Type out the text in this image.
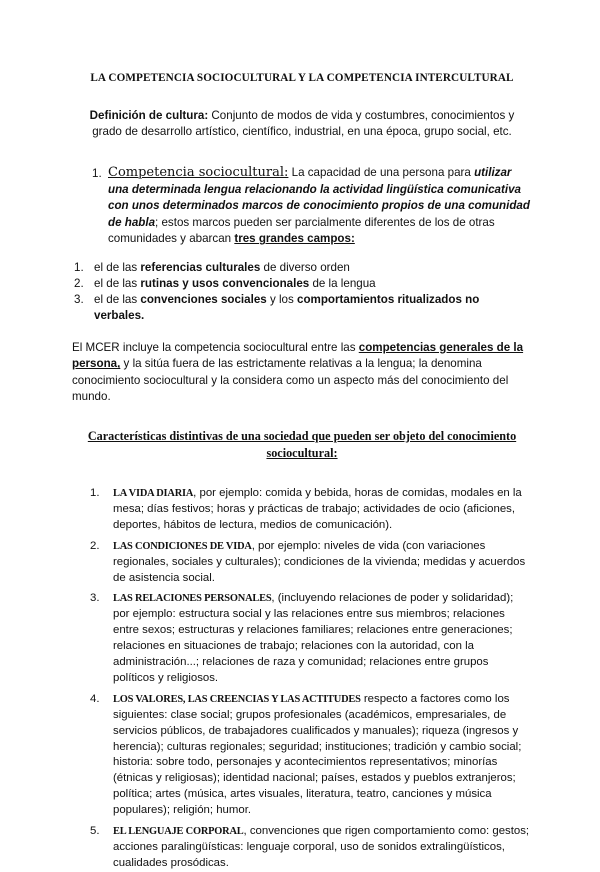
LA COMPETENCIA SOCIOCULTURAL Y LA COMPETENCIA INTERCULTURAL
Definición de cultura: Conjunto de modos de vida y costumbres, conocimientos y grado de desarrollo artístico, científico, industrial, en una época, grupo social, etc.
1. Competencia sociocultural: La capacidad de una persona para utilizar una determinada lengua relacionando la actividad lingüística comunicativa con unos determinados marcos de conocimiento propios de una comunidad de habla; estos marcos pueden ser parcialmente diferentes de los de otras comunidades y abarcan tres grandes campos:
1. el de las referencias culturales de diverso orden
2. el de las rutinas y usos convencionales de la lengua
3. el de las convenciones sociales y los comportamientos ritualizados no verbales.

El MCER incluye la competencia sociocultural entre las competencias generales de la persona, y la sitúa fuera de las estrictamente relativas a la lengua; la denomina conocimiento sociocultural y la considera como un aspecto más del conocimiento del mundo.

Características distintivas de una sociedad que pueden ser objeto del conocimiento sociocultural:
1.	LA VIDA DIARIA, por ejemplo: comida y bebida, horas de comidas, modales en la mesa; días festivos; horas y prácticas de trabajo; actividades de ocio (aficiones, deportes, hábitos de lectura, medios de comunicación).
2.	LAS CONDICIONES DE VIDA, por ejemplo: niveles de vida (con variaciones regionales, sociales y culturales); condiciones de la vivienda; medidas y acuerdos de asistencia social.
3.	LAS RELACIONES PERSONALES, (incluyendo relaciones de poder y solidaridad); por ejemplo: estructura social y las relaciones entre sus miembros; relaciones entre sexos; estructuras y relaciones familiares; relaciones entre generaciones; relaciones en situaciones de trabajo; relaciones con la autoridad, con la administración...; relaciones de raza y comunidad; relaciones entre grupos políticos y religiosos.
4.	LOS VALORES, LAS CREENCIAS Y LAS ACTITUDES respecto a factores como los siguientes: clase social; grupos profesionales (académicos, empresariales, de servicios públicos, de trabajadores cualificados y manuales); riqueza (ingresos y herencia); culturas regionales; seguridad; instituciones; tradición y cambio social; historia: sobre todo, personajes y acontecimientos representativos; minorías (étnicas y religiosas); identidad nacional; países, estados y pueblos extranjeros; política; artes (música, artes visuales, literatura, teatro, canciones y música populares); religión; humor.
5.	EL LENGUAJE CORPORAL, convenciones que rigen comportamiento como: gestos; acciones paralingüísticas: lenguaje corporal, uso de sonidos extralingüísticos, cualidades prosódicas.
